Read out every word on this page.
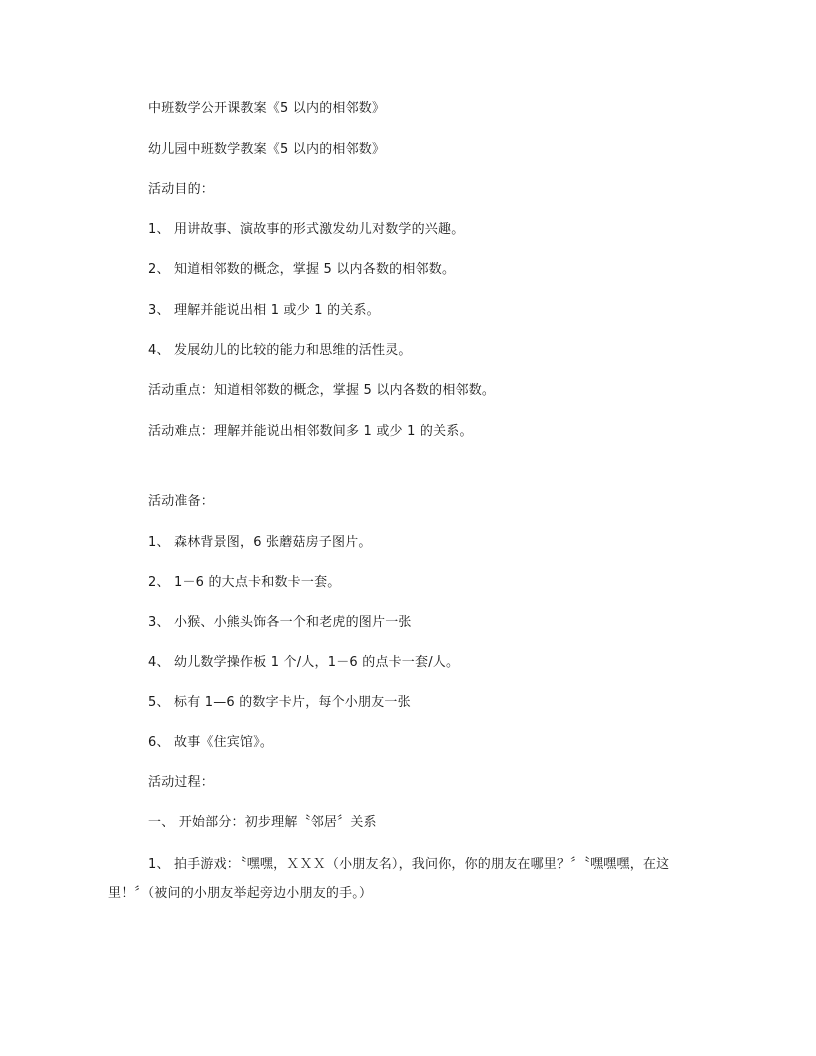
中班数学公开课教案《5 以内的相邻数》
幼儿园中班数学教案《5 以内的相邻数》
活动目的：
1、 用讲故事、演故事的形式激发幼儿对数学的兴趣。
2、 知道相邻数的概念，掌握 5 以内各数的相邻数。
3、 理解并能说出相 1 或少 1 的关系。
4、 发展幼儿的比较的能力和思维的活性灵。
活动重点：知道相邻数的概念，掌握 5 以内各数的相邻数。
活动难点：理解并能说出相邻数间多 1 或少 1 的关系。
活动准备：
1、 森林背景图，6 张蘑菇房子图片。
2、 1－6 的大点卡和数卡一套。
3、 小猴、小熊头饰各一个和老虎的图片一张
4、 幼儿数学操作板 1 个/人，1－6 的点卡一套/人。
5、 标有 1—6 的数字卡片，每个小朋友一张
6、 故事《住宾馆》。
活动过程：
一、 开始部分：初步理解〝邻居〞关系
1、 拍手游戏：〝嘿嘿，ＸＸＸ（小朋友名），我问你，你的朋友在哪里？〞〝嘿嘿嘿，在这里！〞（被问的小朋友举起旁边小朋友的手。）
